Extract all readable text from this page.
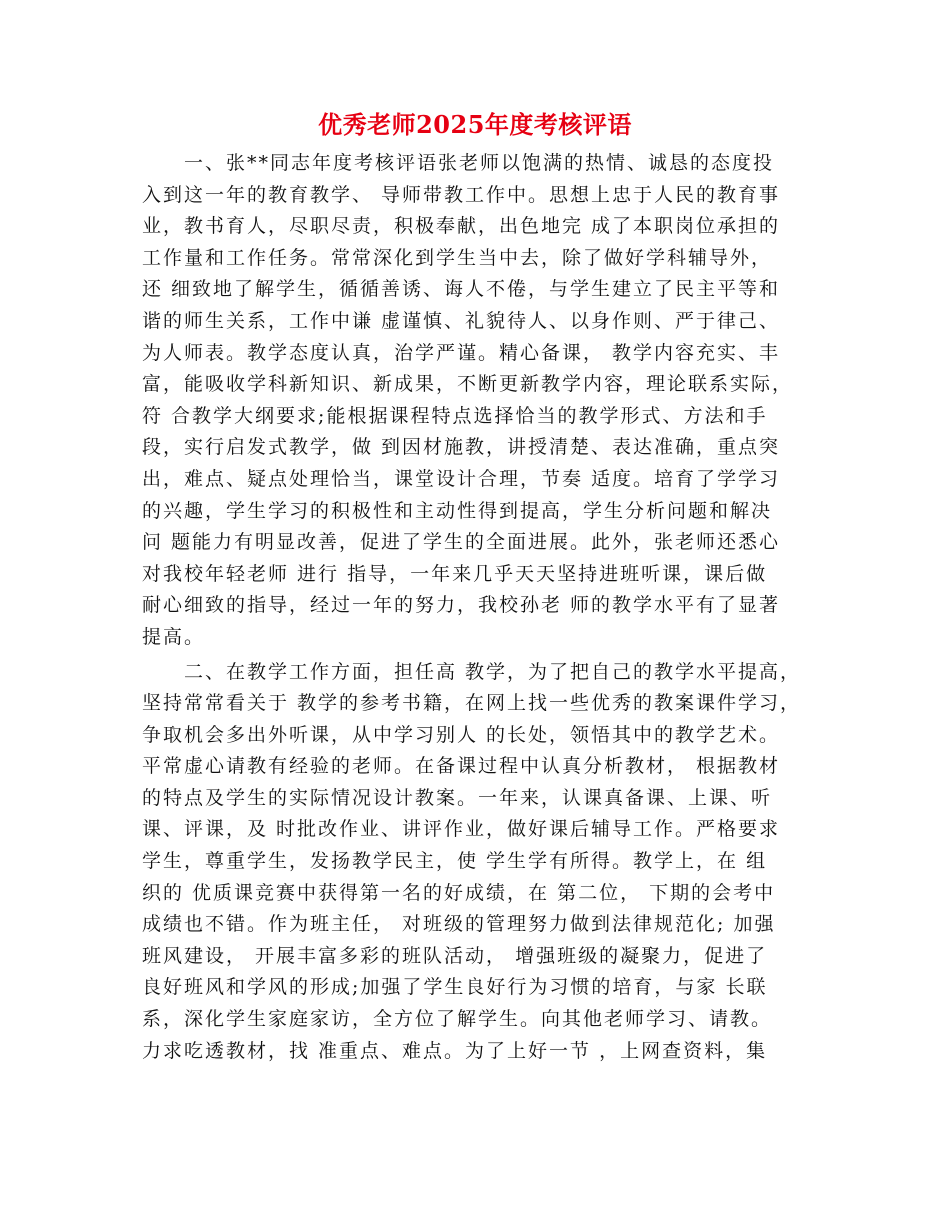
优秀老师2025年度考核评语

　　一、张**同志年度考核评语张老师以饱满的热情、诚恳的态度投

入到这一年的教育教学、 导师带教工作中。思想上忠于人民的教育事

业，教书育人，尽职尽责，积极奉献，出色地完 成了本职岗位承担的

工作量和工作任务。常常深化到学生当中去，除了做好学科辅导外，

还 细致地了解学生，循循善诱、诲人不倦，与学生建立了民主平等和

谐的师生关系，工作中谦 虚谨慎、礼貌待人、以身作则、严于律己、

为人师表。教学态度认真，治学严谨。精心备课， 教学内容充实、丰

富，能吸收学科新知识、新成果，不断更新教学内容，理论联系实际，

符 合教学大纲要求;能根据课程特点选择恰当的教学形式、方法和手

段，实行启发式教学，做 到因材施教，讲授清楚、表达准确，重点突

出，难点、疑点处理恰当，课堂设计合理，节奏 适度。培育了学学习

的兴趣，学生学习的积极性和主动性得到提高，学生分析问题和解决

问 题能力有明显改善，促进了学生的全面进展。此外，张老师还悉心

对我校年轻老师 进行 指导，一年来几乎天天坚持进班听课，课后做

耐心细致的指导，经过一年的努力，我校孙老 师的教学水平有了显著

提高。

　　二、在教学工作方面，担任高 教学，为了把自己的教学水平提高，

坚持常常看关于 教学的参考书籍，在网上找一些优秀的教案课件学习，

争取机会多出外听课，从中学习别人 的长处，领悟其中的教学艺术。

平常虚心请教有经验的老师。在备课过程中认真分析教材， 根据教材

的特点及学生的实际情况设计教案。一年来，认课真备课、上课、听

课、评课，及 时批改作业、讲评作业，做好课后辅导工作。严格要求

学生，尊重学生，发扬教学民主，使 学生学有所得。教学上，在 组

织的 优质课竞赛中获得第一名的好成绩，在 第二位， 下期的会考中

成绩也不错。作为班主任， 对班级的管理努力做到法律规范化; 加强

班风建设， 开展丰富多彩的班队活动， 增强班级的凝聚力，促进了

良好班风和学风的形成;加强了学生良好行为习惯的培育，与家 长联

系，深化学生家庭家访，全方位了解学生。向其他老师学习、请教。

力求吃透教材，找 准重点、难点。为了上好一节 ，上网查资料，集
